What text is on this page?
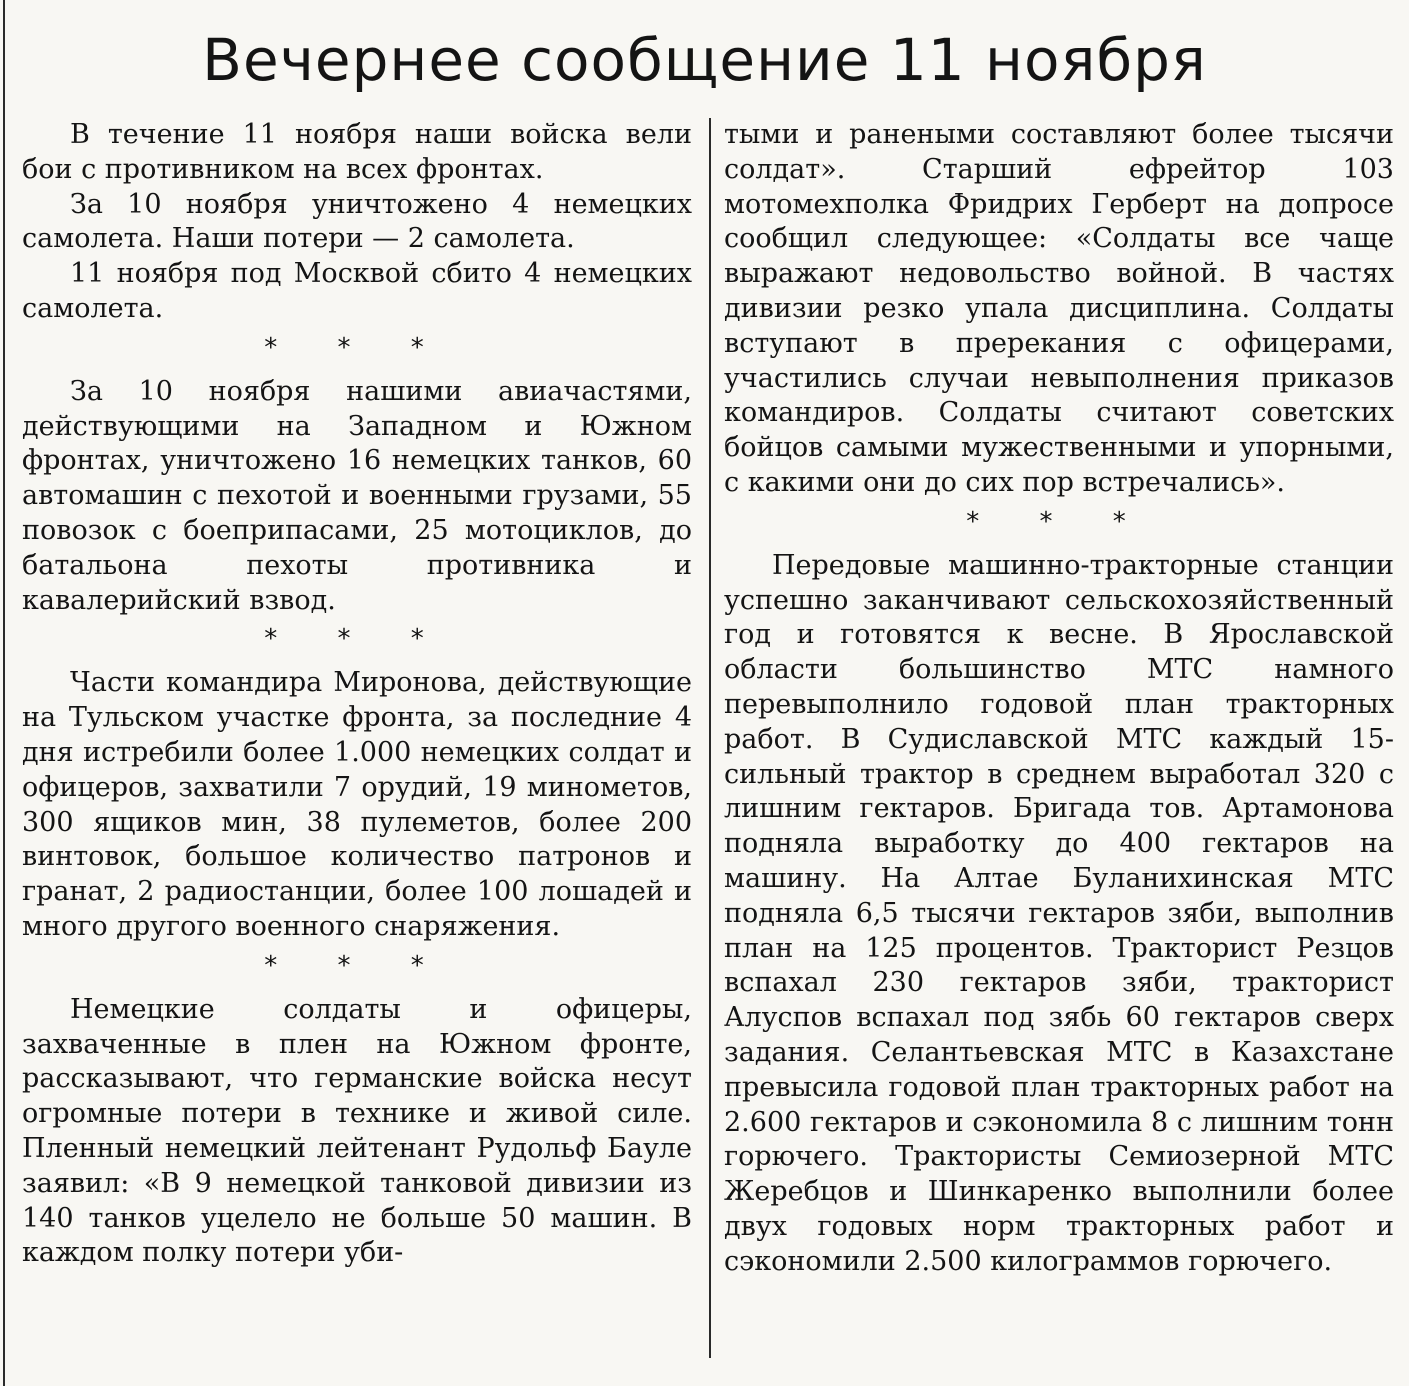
Вечернее сообщение 11 ноября

В течение 11 ноября наши войска вели бои с противником на всех фронтах.

За 10 ноября уничтожено 4 немецких самолета. Наши потери — 2 самолета.

11 ноября под Москвой сбито 4 немецких самолета.

* * *

За 10 ноября нашими авиачастями, действующими на Западном и Южном фронтах, уничтожено 16 немецких танков, 60 автомашин с пехотой и военными грузами, 55 повозок с боеприпасами, 25 мотоциклов, до батальона пехоты противника и кавалерийский взвод.

* * *

Части командира Миронова, действующие на Тульском участке фронта, за последние 4 дня истребили более 1.000 немецких солдат и офицеров, захватили 7 орудий, 19 минометов, 300 ящиков мин, 38 пулеметов, более 200 винтовок, большое количество патронов и гранат, 2 радиостанции, более 100 лошадей и много другого военного снаряжения.

* * *

Немецкие солдаты и офицеры, захваченные в плен на Южном фронте, рассказывают, что германские войска несут огромные потери в технике и живой силе. Пленный немецкий лейтенант Рудольф Бауле заявил: «В 9 немецкой танковой дивизии из 140 танков уцелело не больше 50 машин. В каждом полку потери уби-

тыми и ранеными составляют более тысячи солдат». Старший ефрейтор 103 мотомехполка Фридрих Герберт на допросе сообщил следующее: «Солдаты все чаще выражают недовольство войной. В частях дивизии резко упала дисциплина. Солдаты вступают в пререкания с офицерами, участились случаи невыполнения приказов командиров. Солдаты считают советских бойцов самыми мужественными и упорными, с какими они до сих пор встречались».

* * *

Передовые машинно-тракторные станции успешно заканчивают сельскохозяйственный год и готовятся к весне. В Ярославской области большинство МТС намного перевыполнило годовой план тракторных работ. В Судиславской МТС каждый 15-сильный трактор в среднем выработал 320 с лишним гектаров. Бригада тов. Артамонова подняла выработку до 400 гектаров на машину. На Алтае Буланихинская МТС подняла 6,5 тысячи гектаров зяби, выполнив план на 125 процентов. Тракторист Резцов вспахал 230 гектаров зяби, тракторист Алуспов вспахал под зябь 60 гектаров сверх задания. Селантьевская МТС в Казахстане превысила годовой план тракторных работ на 2.600 гектаров и сэкономила 8 с лишним тонн горючего. Трактористы Семиозерной МТС Жеребцов и Шинкаренко выполнили более двух годовых норм тракторных работ и сэкономили 2.500 килограммов горючего.
